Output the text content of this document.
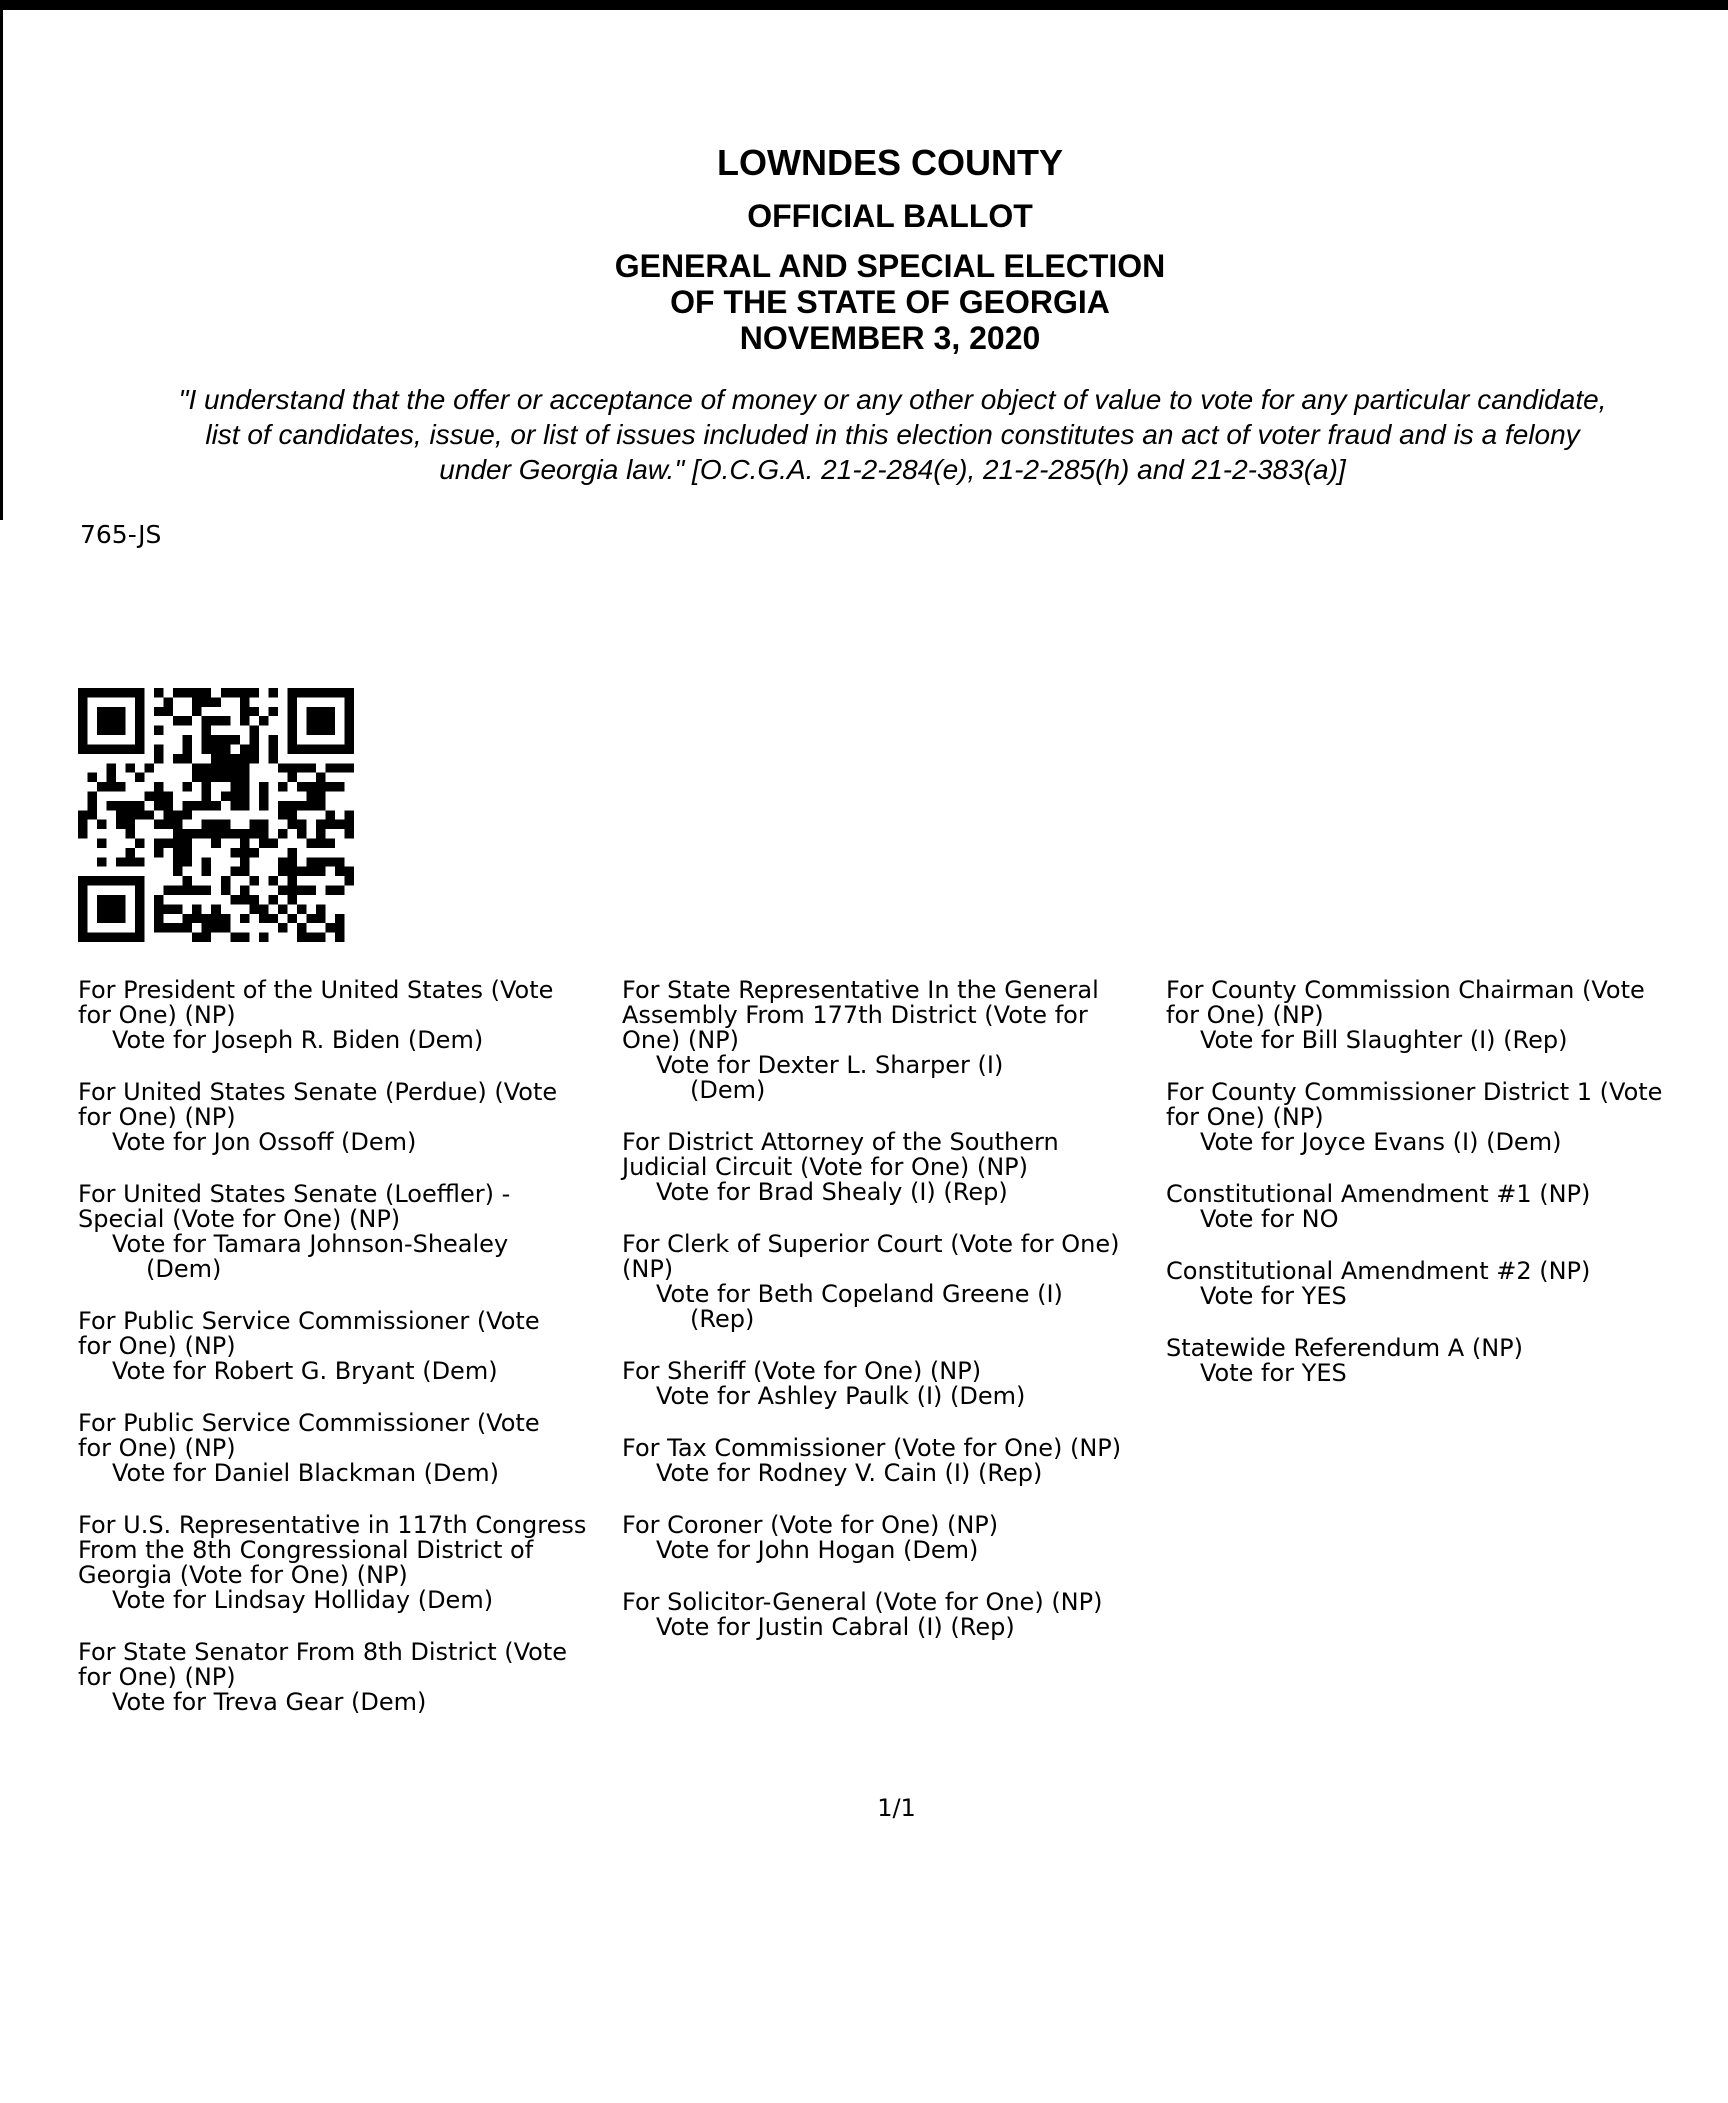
LOWNDES COUNTY
OFFICIAL BALLOT
GENERAL AND SPECIAL ELECTION
OF THE STATE OF GEORGIA
NOVEMBER 3, 2020
"I understand that the offer or acceptance of money or any other object of value to vote for any particular candidate,
list of candidates, issue, or list of issues included in this election constitutes an act of voter fraud and is a felony
under Georgia law." [O.C.G.A. 21-2-284(e), 21-2-285(h) and 21-2-383(a)]
765-JS
For President of the United States (Vote
for One) (NP)
Vote for Joseph R. Biden (Dem)
For United States Senate (Perdue) (Vote
for One) (NP)
Vote for Jon Ossoff (Dem)
For United States Senate (Loeffler) -
Special (Vote for One) (NP)
Vote for Tamara Johnson-Shealey
(Dem)
For Public Service Commissioner (Vote
for One) (NP)
Vote for Robert G. Bryant (Dem)
For Public Service Commissioner (Vote
for One) (NP)
Vote for Daniel Blackman (Dem)
For U.S. Representative in 117th Congress
From the 8th Congressional District of
Georgia (Vote for One) (NP)
Vote for Lindsay Holliday (Dem)
For State Senator From 8th District (Vote
for One) (NP)
Vote for Treva Gear (Dem)
For State Representative In the General
Assembly From 177th District (Vote for
One) (NP)
Vote for Dexter L. Sharper (I)
(Dem)
For District Attorney of the Southern
Judicial Circuit (Vote for One) (NP)
Vote for Brad Shealy (I) (Rep)
For Clerk of Superior Court (Vote for One)
(NP)
Vote for Beth Copeland Greene (I)
(Rep)
For Sheriff (Vote for One) (NP)
Vote for Ashley Paulk (I) (Dem)
For Tax Commissioner (Vote for One) (NP)
Vote for Rodney V. Cain (I) (Rep)
For Coroner (Vote for One) (NP)
Vote for John Hogan (Dem)
For Solicitor-General (Vote for One) (NP)
Vote for Justin Cabral (I) (Rep)
For County Commission Chairman (Vote
for One) (NP)
Vote for Bill Slaughter (I) (Rep)
For County Commissioner District 1 (Vote
for One) (NP)
Vote for Joyce Evans (I) (Dem)
Constitutional Amendment #1 (NP)
Vote for NO
Constitutional Amendment #2 (NP)
Vote for YES
Statewide Referendum A (NP)
Vote for YES
1/1
